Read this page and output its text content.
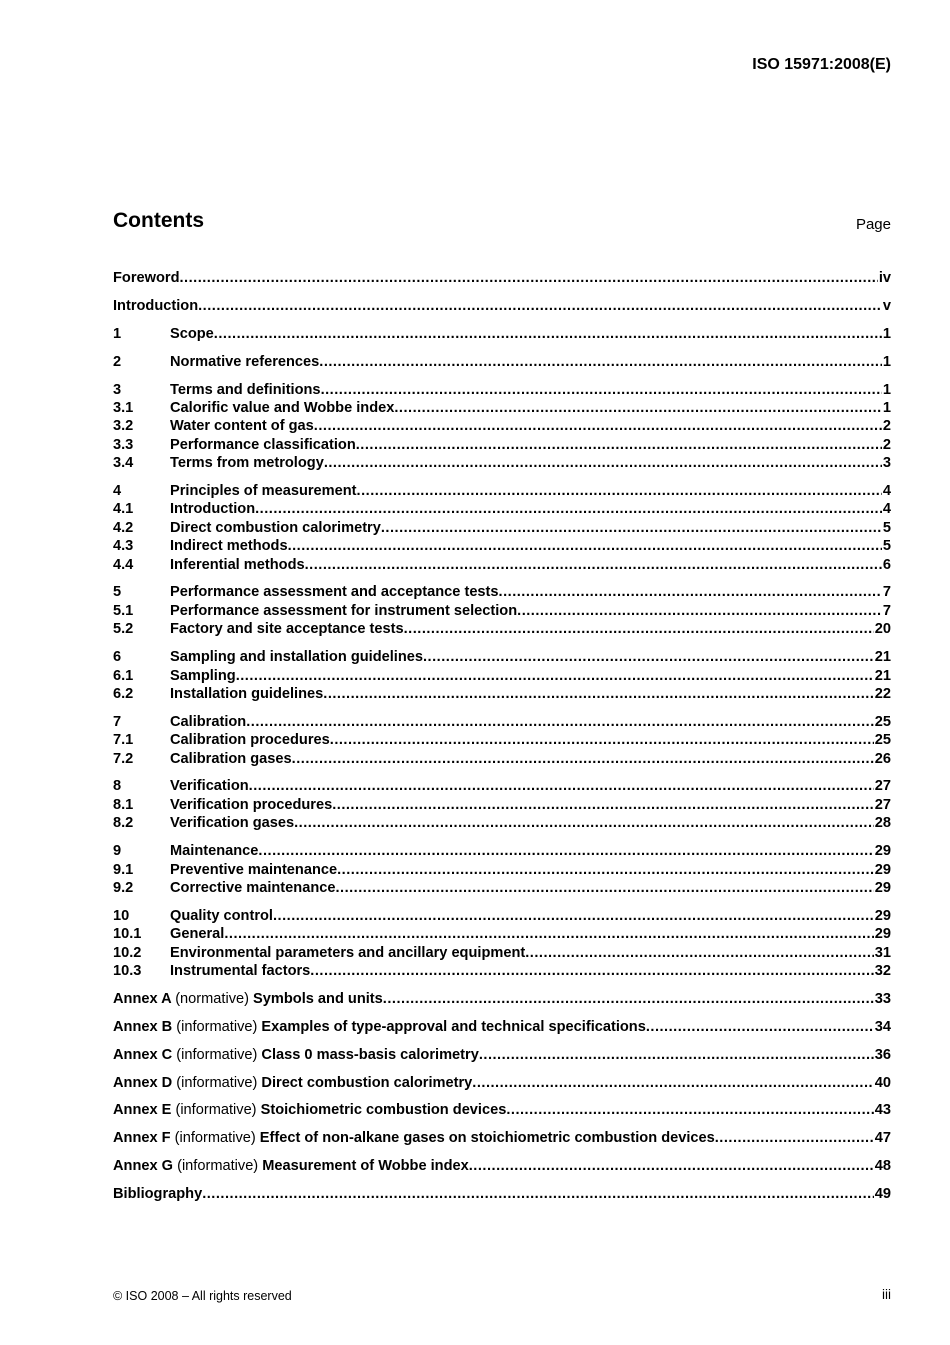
ISO 15971:2008(E)
Contents	Page
Foreword .....	iv
Introduction .....	v
1	Scope .....	1
2	Normative references .....	1
3	Terms and definitions .....	1
3.1	Calorific value and Wobbe index .....	1
3.2	Water content of gas .....	2
3.3	Performance classification .....	2
3.4	Terms from metrology .....	3
4	Principles of measurement .....	4
4.1	Introduction .....	4
4.2	Direct combustion calorimetry .....	5
4.3	Indirect methods .....	5
4.4	Inferential methods .....	6
5	Performance assessment and acceptance tests .....	7
5.1	Performance assessment for instrument selection .....	7
5.2	Factory and site acceptance tests .....	20
6	Sampling and installation guidelines .....	21
6.1	Sampling .....	21
6.2	Installation guidelines .....	22
7	Calibration .....	25
7.1	Calibration procedures .....	25
7.2	Calibration gases .....	26
8	Verification .....	27
8.1	Verification procedures .....	27
8.2	Verification gases .....	28
9	Maintenance .....	29
9.1	Preventive maintenance .....	29
9.2	Corrective maintenance .....	29
10	Quality control .....	29
10.1	General .....	29
10.2	Environmental parameters and ancillary equipment .....	31
10.3	Instrumental factors .....	32
Annex A (normative) Symbols and units .....	33
Annex B (informative) Examples of type-approval and technical specifications .....	34
Annex C (informative) Class 0 mass-basis calorimetry .....	36
Annex D (informative) Direct combustion calorimetry .....	40
Annex E (informative) Stoichiometric combustion devices .....	43
Annex F (informative) Effect of non-alkane gases on stoichiometric combustion devices .....	47
Annex G (informative) Measurement of Wobbe index .....	48
Bibliography .....	49
© ISO 2008 – All rights reserved	iii
